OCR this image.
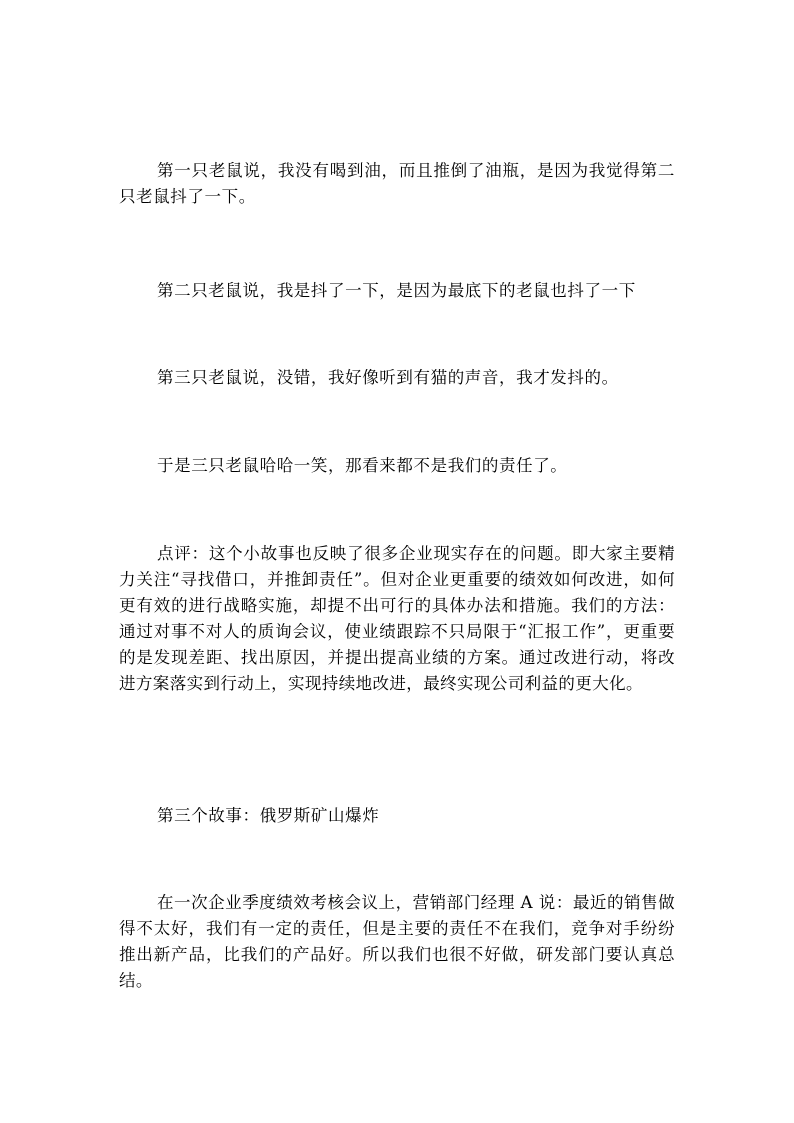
第一只老鼠说，我没有喝到油，而且推倒了油瓶，是因为我觉得第二只老鼠抖了一下。

第二只老鼠说，我是抖了一下，是因为最底下的老鼠也抖了一下

第三只老鼠说，没错，我好像听到有猫的声音，我才发抖的。

于是三只老鼠哈哈一笑，那看来都不是我们的责任了。

点评：这个小故事也反映了很多企业现实存在的问题。即大家主要精力关注“寻找借口，并推卸责任”。但对企业更重要的绩效如何改进，如何更有效的进行战略实施，却提不出可行的具体办法和措施。我们的方法：通过对事不对人的质询会议，使业绩跟踪不只局限于“汇报工作”，更重要的是发现差距、找出原因，并提出提高业绩的方案。通过改进行动，将改进方案落实到行动上，实现持续地改进，最终实现公司利益的更大化。

第三个故事：俄罗斯矿山爆炸

在一次企业季度绩效考核会议上，营销部门经理 A 说：最近的销售做得不太好，我们有一定的责任，但是主要的责任不在我们，竞争对手纷纷推出新产品，比我们的产品好。所以我们也很不好做，研发部门要认真总结。
